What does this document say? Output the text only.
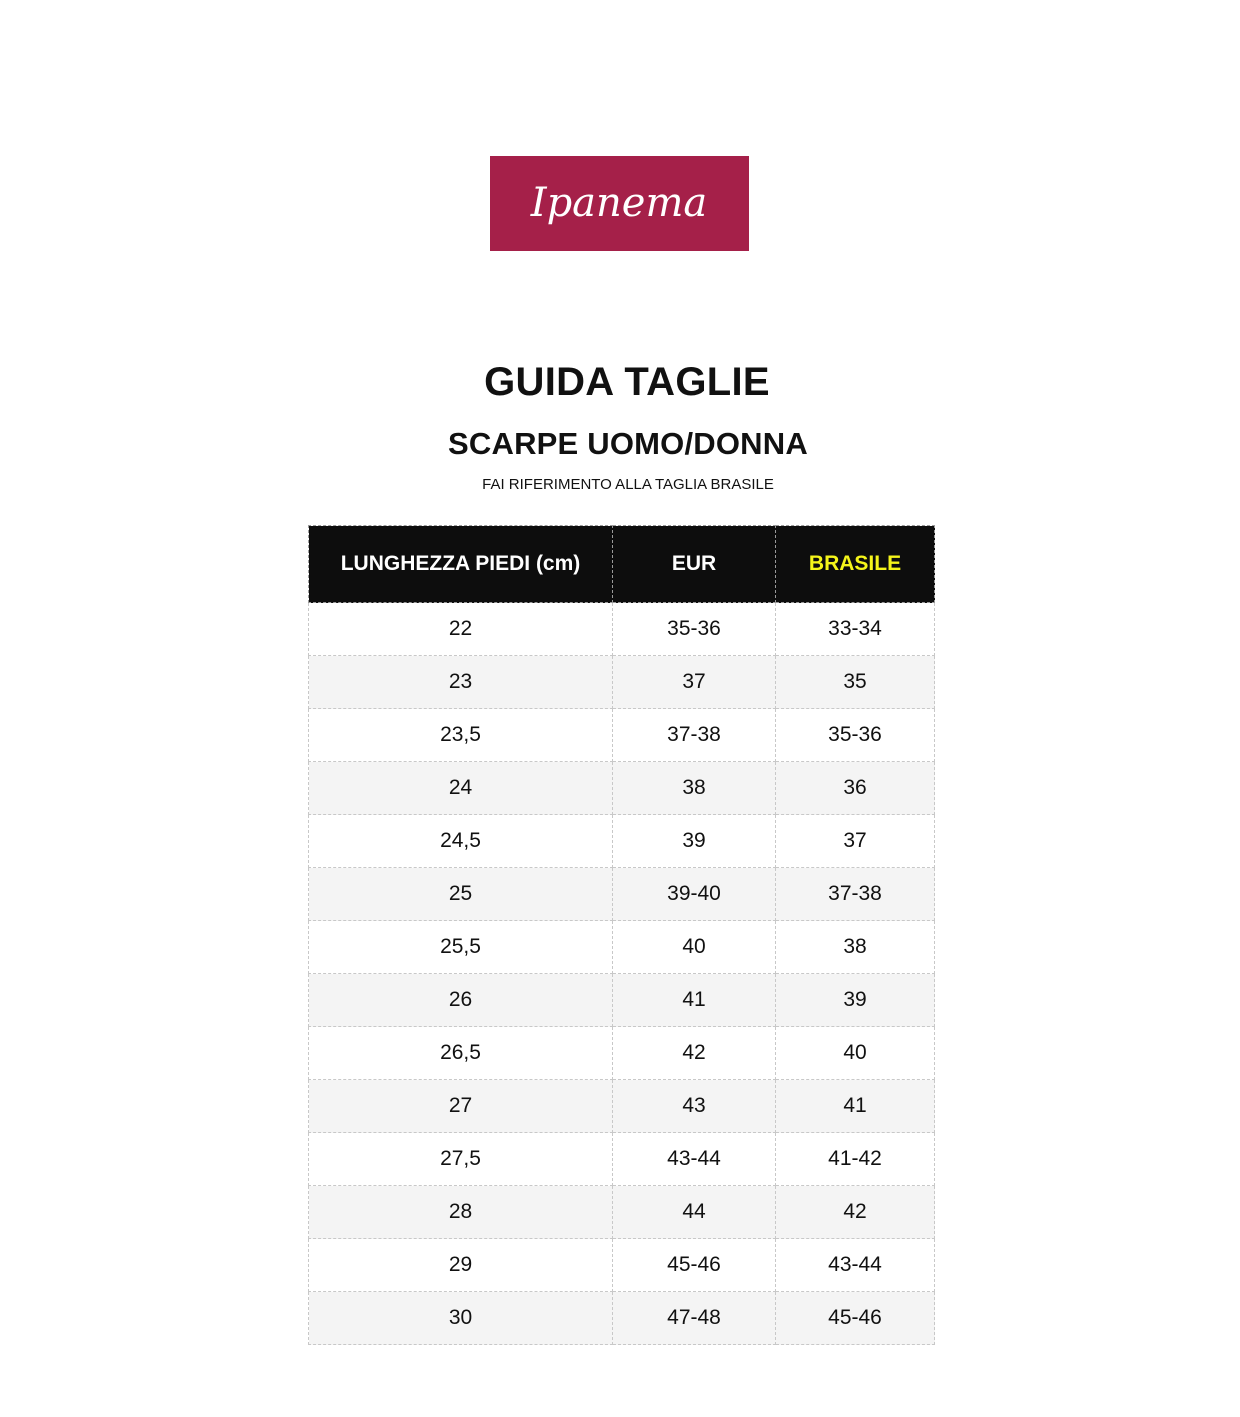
Ipanema
GUIDA TAGLIE
SCARPE UOMO/DONNA
FAI RIFERIMENTO ALLA TAGLIA BRASILE
LUNGHEZZA PIEDI (cm)	EUR	BRASILE
22	35-36	33-34
23	37	35
23,5	37-38	35-36
24	38	36
24,5	39	37
25	39-40	37-38
25,5	40	38
26	41	39
26,5	42	40
27	43	41
27,5	43-44	41-42
28	44	42
29	45-46	43-44
30	47-48	45-46
